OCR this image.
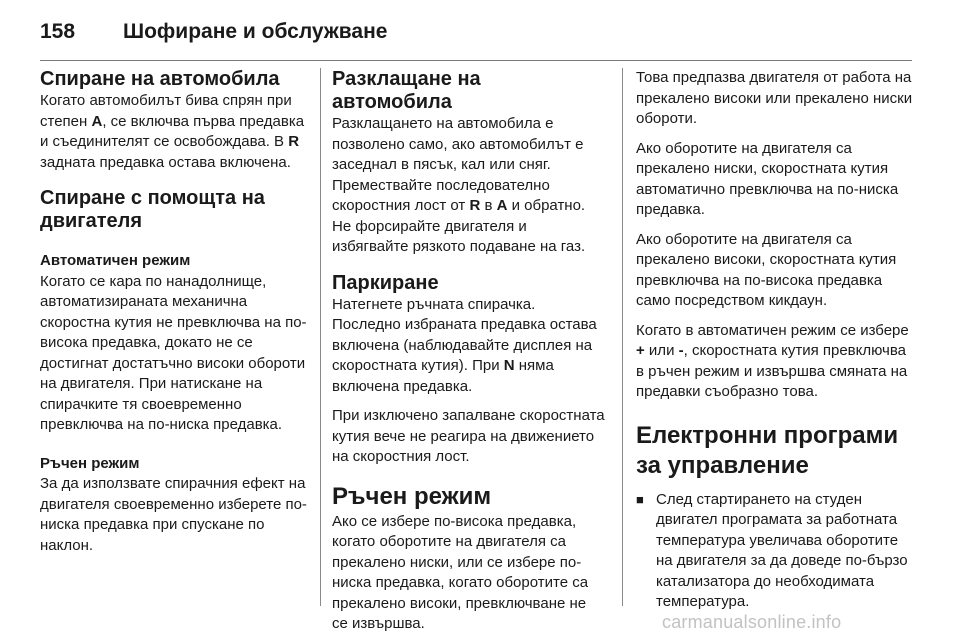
158 Шофиране и обслужване
Спиране на автомобила

Когато автомобилът бива спрян при степен A, се включва първа предавка и съединителят се освобождава. В R задната предавка остава включена.

Спиране с помощта на двигателя
Автоматичен режим

Когато се кара по нанадолнище, автоматизираната механична скоростна кутия не превключва на по-висока предавка, докато не се достигнат достатъчно високи обороти на двигателя. При натискане на спирачките тя своевременно превключва на по-ниска предавка.

Ръчен режим

За да използвате спирачния ефект на двигателя своевременно изберете по-ниска предавка при спускане по наклон.

Разклащане на автомобила

Разклащането на автомобила е позволено само, ако автомобилът е заседнал в пясък, кал или сняг. Премествайте последователно скоростния лост от R в A и обратно. Не форсирайте двигателя и избягвайте рязкото подаване на газ.

Паркиране

Натегнете ръчната спирачка. Последно избраната предавка остава включена (наблюдавайте дисплея на скоростната кутия). При N няма включена предавка.

При изключено запалване скоростната кутия вече не реагира на движението на скоростния лост.

Ръчен режим

Ако се избере по-висока предавка, когато оборотите на двигателя са прекалено ниски, или се избере по-ниска предавка, когато оборотите са прекалено високи, превключване не се извършва.

Това предпазва двигателя от работа на прекалено високи или прекалено ниски обороти.

Ако оборотите на двигателя са прекалено ниски, скоростната кутия автоматично превключва на по-ниска предавка.

Ако оборотите на двигателя са прекалено високи, скоростната кутия превключва на по-висока предавка само посредством кикдаун.

Когато в автоматичен режим се избере + или -, скоростната кутия превключва в ръчен режим и извършва смяната на предавки съобразно това.

Електронни програми за управление
■ След стартирането на студен двигател програмата за работната температура увеличава оборотите на двигателя за да доведе по-бързо катализатора до необходимата температура.
carmanualsonline.info
